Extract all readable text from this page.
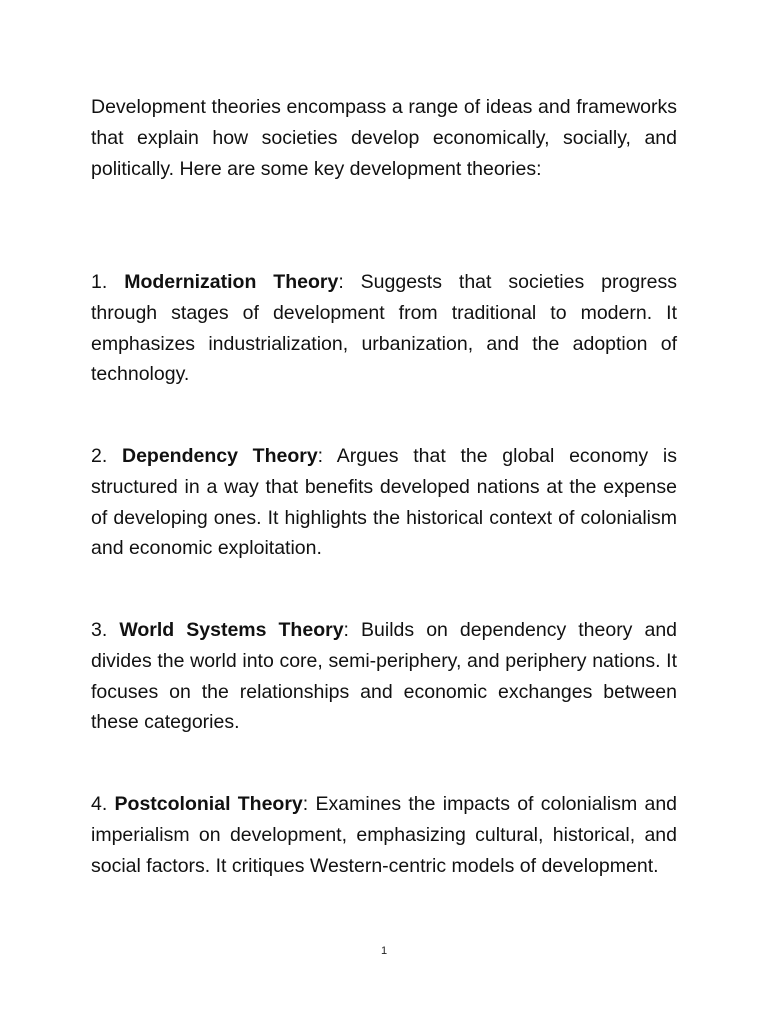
Development theories encompass a range of ideas and frameworks that explain how societies develop economically, socially, and politically. Here are some key development theories:

1. Modernization Theory: Suggests that societies progress through stages of development from traditional to modern. It emphasizes industrialization, urbanization, and the adoption of technology.

2. Dependency Theory: Argues that the global economy is structured in a way that benefits developed nations at the expense of developing ones. It highlights the historical context of colonialism and economic exploitation.

3. World Systems Theory: Builds on dependency theory and divides the world into core, semi-periphery, and periphery nations. It focuses on the relationships and economic exchanges between these categories.

4. Postcolonial Theory: Examines the impacts of colonialism and imperialism on development, emphasizing cultural, historical, and social factors. It critiques Western-centric models of development.

1
